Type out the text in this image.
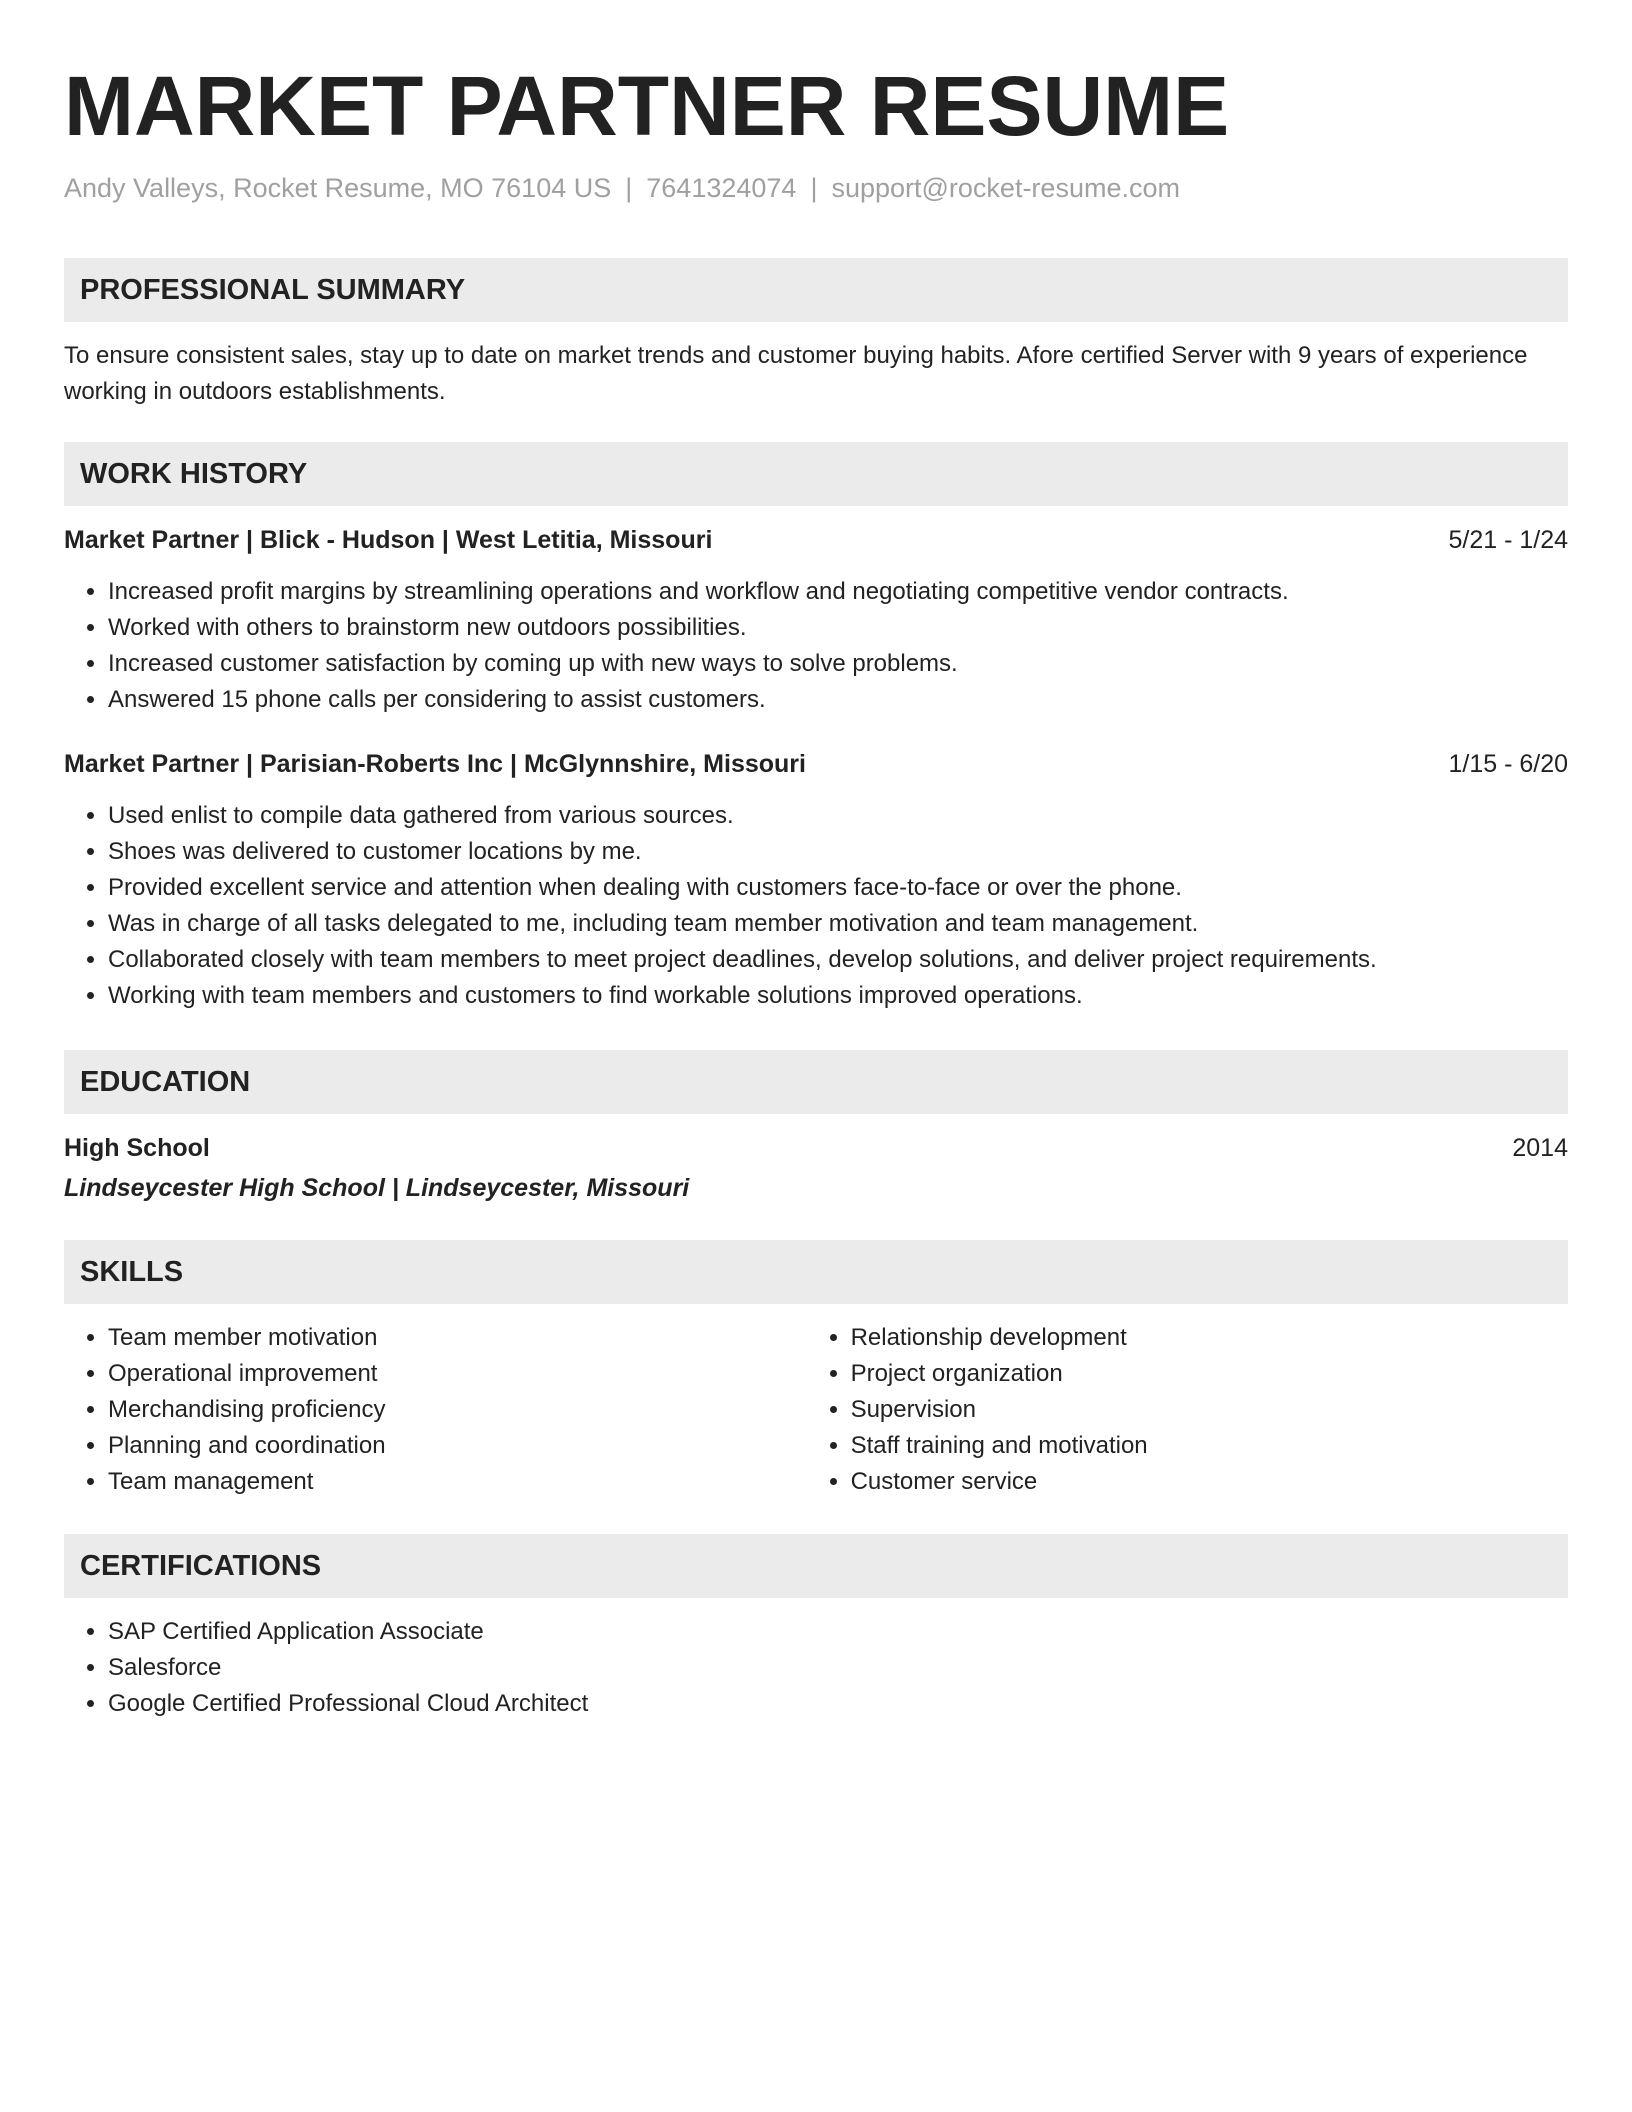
MARKET PARTNER RESUME
Andy Valleys, Rocket Resume, MO 76104 US | 7641324074 | support@rocket-resume.com
PROFESSIONAL SUMMARY

To ensure consistent sales, stay up to date on market trends and customer buying habits. Afore certified Server with 9 years of experience working in outdoors establishments.

WORK HISTORY
Market Partner | Blick - Hudson | West Letitia, Missouri	5/21 - 1/24
• Increased profit margins by streamlining operations and workflow and negotiating competitive vendor contracts.
• Worked with others to brainstorm new outdoors possibilities.
• Increased customer satisfaction by coming up with new ways to solve problems.
• Answered 15 phone calls per considering to assist customers.
Market Partner | Parisian-Roberts Inc | McGlynnshire, Missouri	1/15 - 6/20
• Used enlist to compile data gathered from various sources.
• Shoes was delivered to customer locations by me.
• Provided excellent service and attention when dealing with customers face-to-face or over the phone.
• Was in charge of all tasks delegated to me, including team member motivation and team management.
• Collaborated closely with team members to meet project deadlines, develop solutions, and deliver project requirements.
• Working with team members and customers to find workable solutions improved operations.
EDUCATION
High School	2014
Lindseycester High School | Lindseycester, Missouri
SKILLS
• Team member motivation
• Operational improvement
• Merchandising proficiency
• Planning and coordination
• Team management
• Relationship development
• Project organization
• Supervision
• Staff training and motivation
• Customer service
CERTIFICATIONS
• SAP Certified Application Associate
• Salesforce
• Google Certified Professional Cloud Architect
